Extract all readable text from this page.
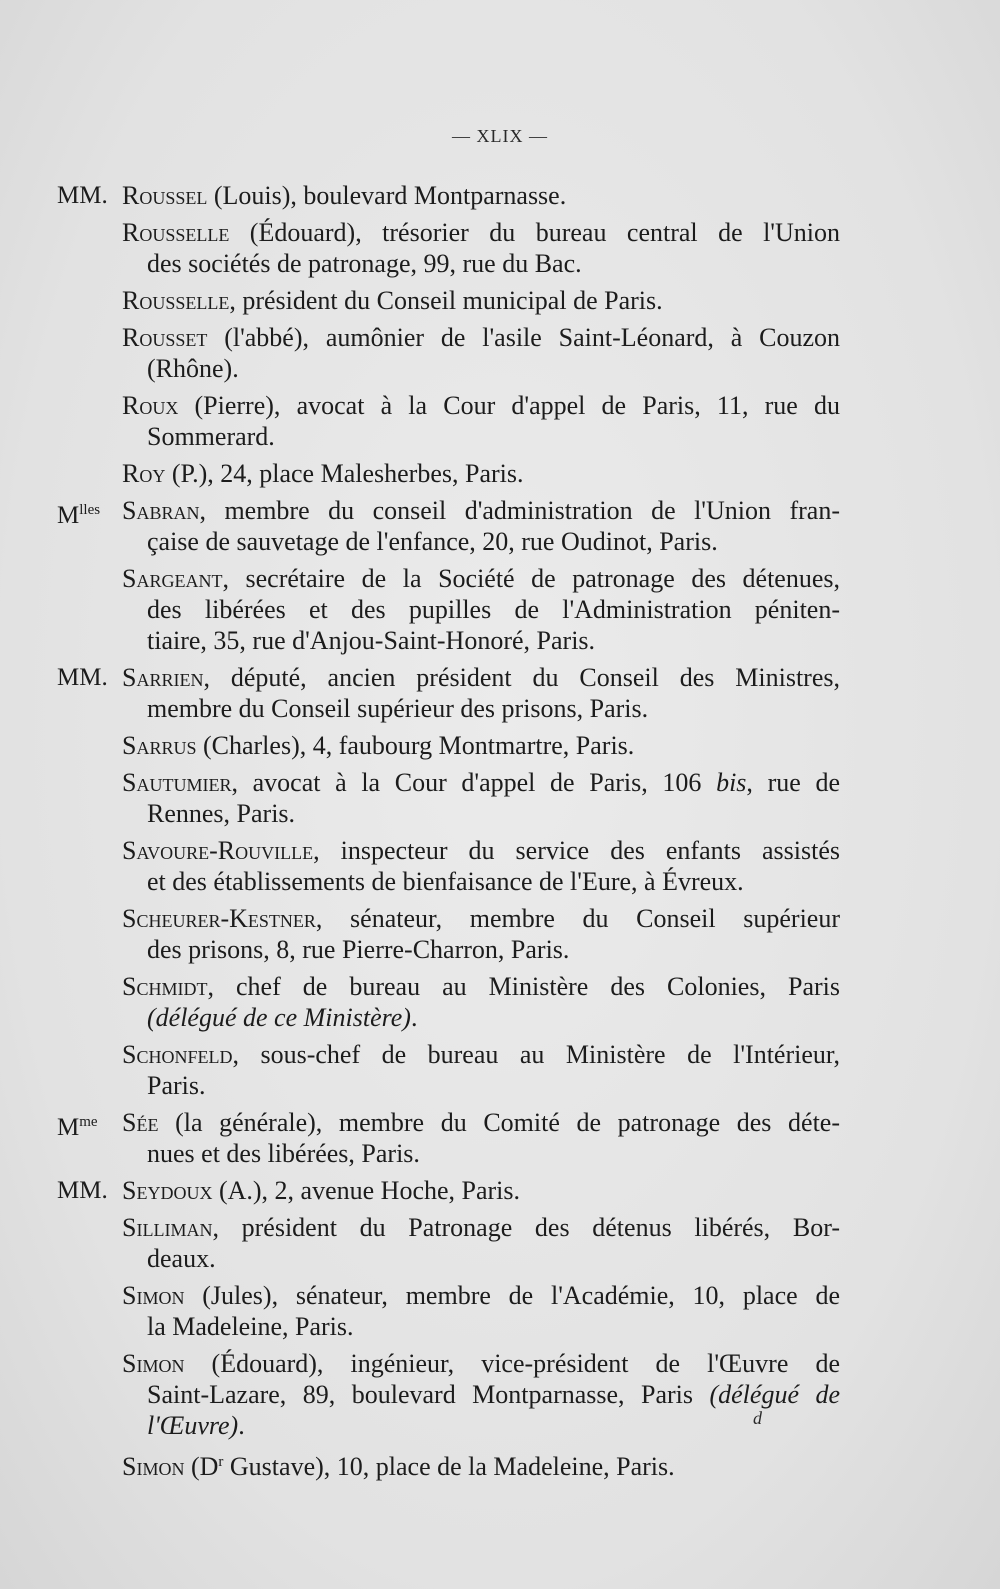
— XLIX —
MM. Roussel (Louis), boulevard Montparnasse.
Rousselle (Édouard), trésorier du bureau central de l'Union
des sociétés de patronage, 99, rue du Bac.
Rousselle, président du Conseil municipal de Paris.
Rousset (l'abbé), aumônier de l'asile Saint-Léonard, à Couzon
(Rhône).
Roux (Pierre), avocat à la Cour d'appel de Paris, 11, rue du
Sommerard.
Roy (P.), 24, place Malesherbes, Paris.
$M^{lles}$ Sabran, membre du conseil d'administration de l'Union fran-
çaise de sauvetage de l'enfance, 20, rue Oudinot, Paris.
Sargeant, secrétaire de la Société de patronage des détenues,
des libérées et des pupilles de l'Administration péniten-
tiaire, 35, rue d'Anjou-Saint-Honoré, Paris.
MM. Sarrien, député, ancien président du Conseil des Ministres,
membre du Conseil supérieur des prisons, Paris.
Sarrus (Charles), 4, faubourg Montmartre, Paris.
Sautumier, avocat à la Cour d'appel de Paris, 106 bis, rue de
Rennes, Paris.
Savoure-Rouville, inspecteur du service des enfants assistés
et des établissements de bienfaisance de l'Eure, à Évreux.
Scheurer-Kestner, sénateur, membre du Conseil supérieur
des prisons, 8, rue Pierre-Charron, Paris.
Schmidt, chef de bureau au Ministère des Colonies, Paris
(délégué de ce Ministère).
Schonfeld, sous-chef de bureau au Ministère de l'Intérieur,
Paris.
$M^{me}$ Sée (la générale), membre du Comité de patronage des déte-
nues et des libérées, Paris.
MM. Seydoux (A.), 2, avenue Hoche, Paris.
Silliman, président du Patronage des détenus libérés, Bor-
deaux.
Simon (Jules), sénateur, membre de l'Académie, 10, place de
la Madeleine, Paris.
Simon (Édouard), ingénieur, vice-président de l'Œuvre de
Saint-Lazare, 89, boulevard Montparnasse, Paris (délégué de
l'Œuvre).
Simon ($D^r$ Gustave), 10, place de la Madeleine, Paris.
d
